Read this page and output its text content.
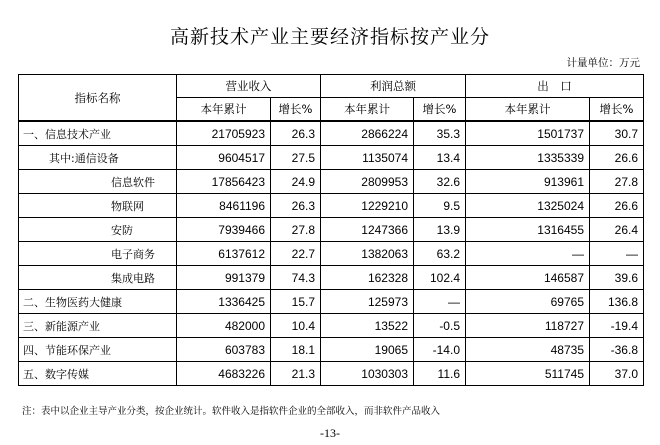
高新技术产业主要经济指标按产业分
计量单位：万元
指标名称	营业收入		利润总额		出　口	
	本年累计	增长%	本年累计	增长%	本年累计	增长%
一、信息技术产业	21705923	26.3	2866224	35.3	1501737	30.7
其中:通信设备	9604517	27.5	1135074	13.4	1335339	26.6
信息软件	17856423	24.9	2809953	32.6	913961	27.8
物联网	8461196	26.3	1229210	9.5	1325024	26.6
安防	7939466	27.8	1247366	13.9	1316455	26.4
电子商务	6137612	22.7	1382063	63.2	—	—
集成电路	991379	74.3	162328	102.4	146587	39.6
二、生物医药大健康	1336425	15.7	125973	—	69765	136.8
三、新能源产业	482000	10.4	13522	-0.5	118727	-19.4
四、节能环保产业	603783	18.1	19065	-14.0	48735	-36.8
五、数字传媒	4683226	21.3	1030303	11.6	511745	37.0
注：表中以企业主导产业分类，按企业统计。软件收入是指软件企业的全部收入，而非软件产品收入
-13-
